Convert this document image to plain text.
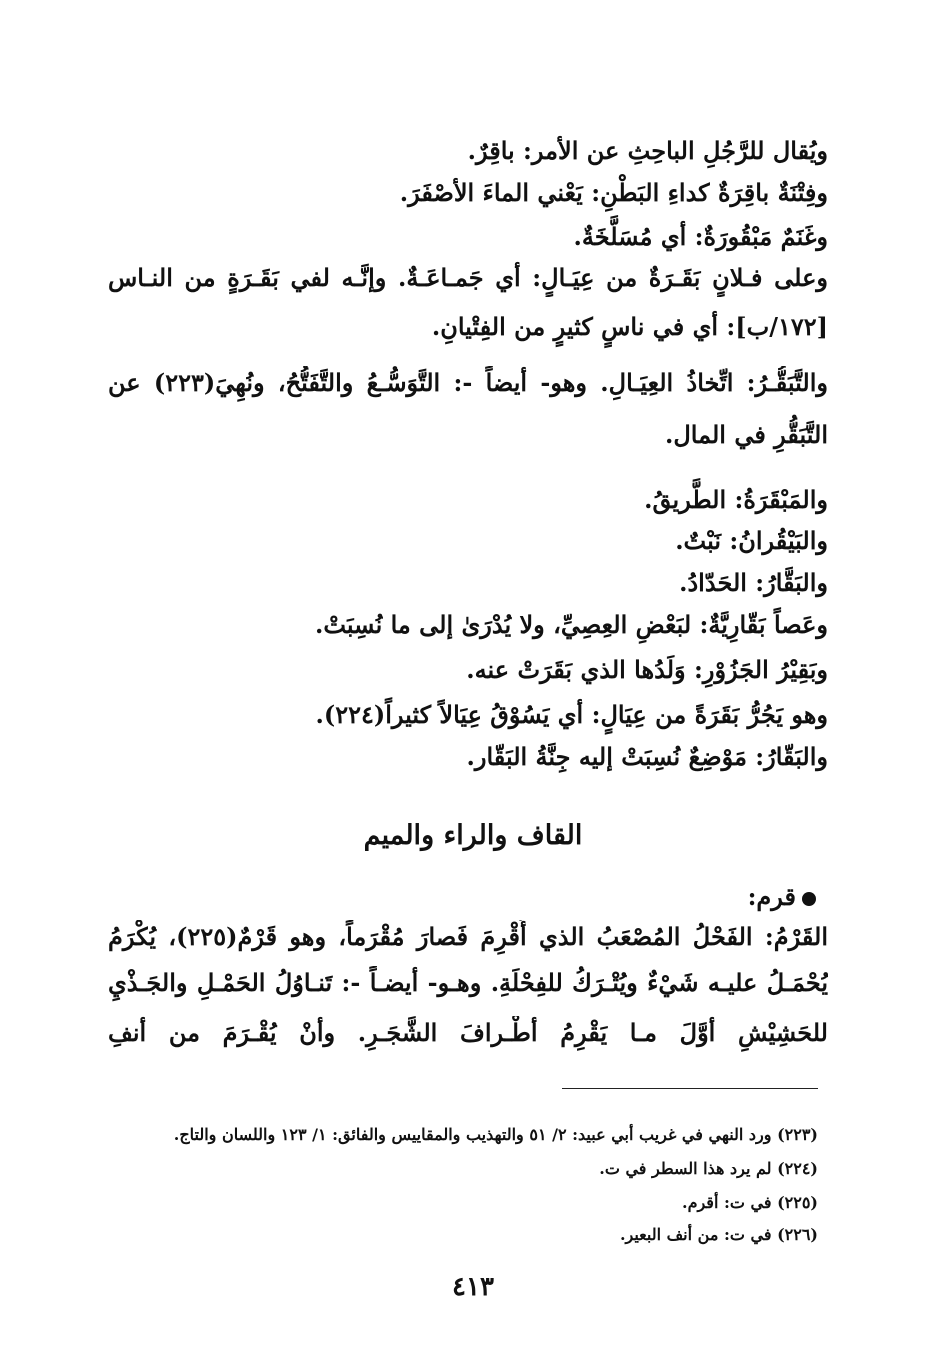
ويُقال للرَّجُلِ الباحِثِ عن الأمر: باقِرٌ.
وفِتْنَةٌ باقِرَةٌ كداءِ البَطْنِ: يَعْني الماءَ الأصْفَرَ.
وغَنَمٌ مَبْقُورَةٌ: أي مُسَلَّخَةٌ.
وعلى فـلانٍ بَقَـرَةٌ من عِيَـالٍ: أي جَمـاعَـةٌ. وإنَّـه لفي بَقَـرَةٍ من النـاس
[١٧٢/ب]: أي في ناسٍ كثيرٍ من الفِتْيانِ.
والتَّبَقُّـرُ: اتِّخاذُ العِيَـالِ. وهو- أيضاً -: التَّوَسُّـعُ والتَّفَتُّحُ، ونُهِيَ(٢٢٣) عن
التَّبَقُّرِ في المال.
والمَبْقَرَةُ: الطَّريقُ.
والبَيْقُرانُ: نَبْتٌ.
والبَقَّارُ: الحَدّادُ.
وعَصاً بَقّارِيَّةٌ: لبَعْضِ العِصِيِّ، ولا يُدْرَىٰ إلى ما نُسِبَتْ.
وبَقِيْرُ الجَزُوْرِ: وَلَدُها الذي بَقَرَتْ عنه.
وهو يَجُرُّ بَقَرَةً من عِيَالٍ: أي يَسُوْقُ عِيَالاً كثيراً(٢٢٤).
والبَقّارُ: مَوْضِعٌ نُسِبَتْ إليه جِنَّةُ البَقّار.
القاف والراء والميم
قرم:
القَرْمُ: الفَحْلُ المُصْعَبُ الذي أُقْرِمَ فَصارَ مُقْرَماً، وهو قَرْمٌ(٢٢٥)، يُكْرَمُ
يُحْمَـلُ عليـه شَيْءٌ ويُتْـرَكُ للفِحْلَةِ. وهـو- أيضـاً -: تَنـاوُلُ الحَمْـلِ والجَـذْيِ
للحَشِيْشِ أوَّلَ مـا يَقْرِمُ أطْـرافَ الشَّجَـرِ. وأنْ يُقْـرَمَ من أنفِ
(٢٢٣) ورد النهي في غريب أبي عبيد: ٢/ ٥١ والتهذيب والمقاييس والفائق: ١/ ١٢٣ واللسان والتاج.
(٢٢٤) لم يرد هذا السطر في ت.
(٢٢٥) في ت: أقرم.
(٢٢٦) في ت: من أنف البعير.
٤١٣
